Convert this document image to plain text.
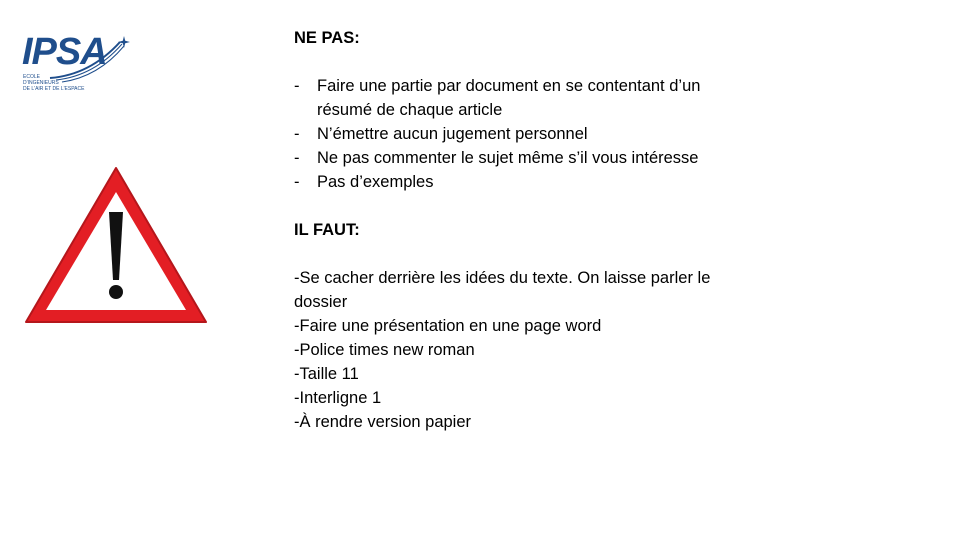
IPSA
ECOLE
D'INGENIEURS
DE L'AIR ET DE L'ESPACE

NE PAS:

- Faire une partie par document en se contentant d’un résumé de chaque article
- N’émettre aucun jugement personnel
- Ne pas commenter le sujet même s’il vous intéresse
- Pas d’exemples

IL FAUT:

-Se cacher derrière les idées du texte. On laisse parler le dossier

-Faire une présentation en une page word

-Police times new roman

-Taille 11

-Interligne 1

-À rendre version papier
